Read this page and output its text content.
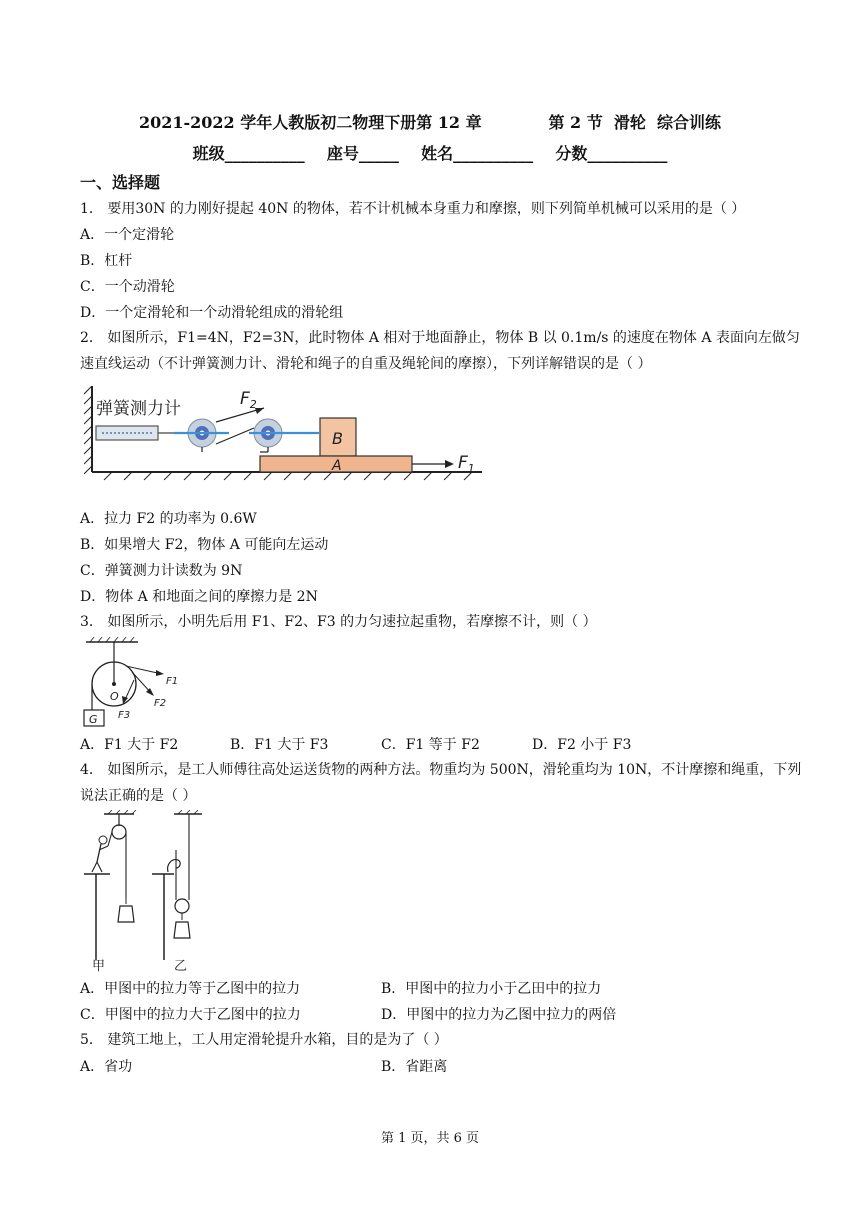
2021-2022 学年人教版初二物理下册第 12 章            第 2 节  滑轮  综合训练
班级__________    座号_____    姓名__________    分数__________
一、选择题
1． 要用30N 的力刚好提起 40N 的物体，若不计机械本身重力和摩擦，则下列简单机械可以采用的是（ ）
A．一个定滑轮
B．杠杆
C．一个动滑轮
D．一个定滑轮和一个动滑轮组成的滑轮组
2． 如图所示，F1=4N，F2=3N，此时物体 A 相对于地面静止，物体 B 以 0.1m/s 的速度在物体 A 表面向左做匀速直线运动（不计弹簧测力计、滑轮和绳子的自重及绳轮间的摩擦），下列详解错误的是（ ）
弹簧测力计	$F_2$
B
A	$F_1$
A．拉力 F2 的功率为 0.6W
B．如果增大 F2，物体 A 可能向左运动
C．弹簧测力计读数为 9N
D．物体 A 和地面之间的摩擦力是 2N
3． 如图所示，小明先后用 F1、F2、F3 的力匀速拉起重物，若摩擦不计，则（ ）
O
G
F1
F2
F3
A．F1 大于 F2	B．F1 大于 F3	C．F1 等于 F2	D．F2 小于 F3
4． 如图所示，是工人师傅往高处运送货物的两种方法。物重均为 500N，滑轮重均为 10N，不计摩擦和绳重，下列说法正确的是（ ）
甲	乙
A．甲图中的拉力等于乙图中的拉力	B．甲图中的拉力小于乙田中的拉力
C．甲图中的拉力大于乙图中的拉力	D．甲图中的拉力为乙图中拉力的两倍
5． 建筑工地上，工人用定滑轮提升水箱，目的是为了（ ）
A．省功	B．省距离
第 1 页，共 6 页
